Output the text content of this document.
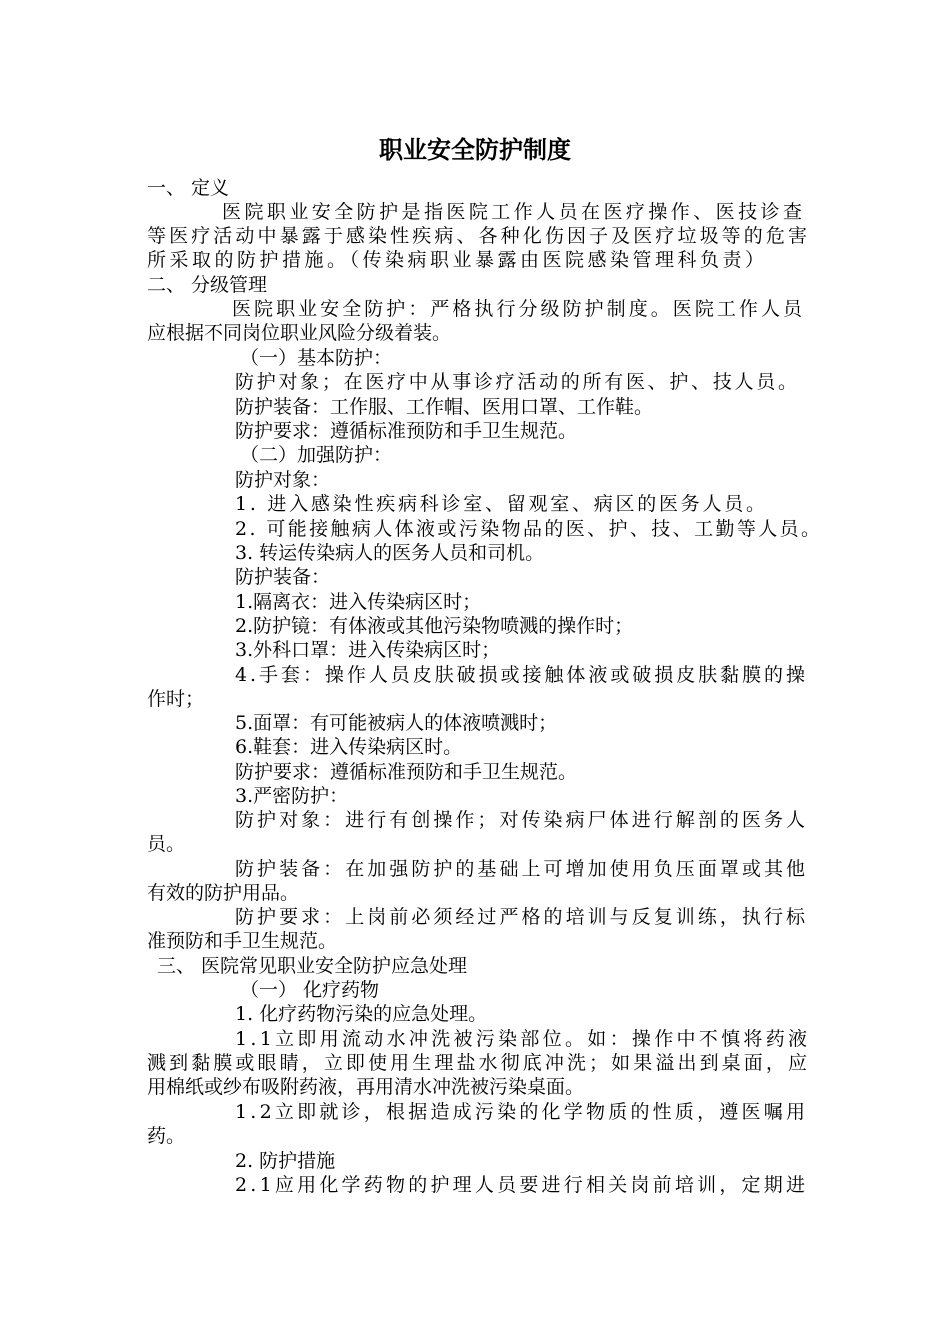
职业安全防护制度
一、 定义
医院职业安全防护是指医院工作人员在医疗操作、医技诊查
等医疗活动中暴露于感染性疾病、各种化伤因子及医疗垃圾等的危害
所采取的防护措施。（传染病职业暴露由医院感染管理科负责）
二、 分级管理
医院职业安全防护：严格执行分级防护制度。医院工作人员
应根据不同岗位职业风险分级着装。
（一）基本防护：
防护对象；在医疗中从事诊疗活动的所有医、护、技人员。
防护装备：工作服、工作帽、医用口罩、工作鞋。
防护要求：遵循标准预防和手卫生规范。
（二）加强防护：
防护对象：
1. 进入感染性疾病科诊室、留观室、病区的医务人员。
2. 可能接触病人体液或污染物品的医、护、技、工勤等人员。
3. 转运传染病人的医务人员和司机。
防护装备：
1.隔离衣：进入传染病区时；
2.防护镜：有体液或其他污染物喷溅的操作时；
3.外科口罩：进入传染病区时；
4.手套：操作人员皮肤破损或接触体液或破损皮肤黏膜的操
作时；
5.面罩：有可能被病人的体液喷溅时；
6.鞋套：进入传染病区时。
防护要求：遵循标准预防和手卫生规范。
3.严密防护：
防护对象：进行有创操作；对传染病尸体进行解剖的医务人
员。
防护装备：在加强防护的基础上可增加使用负压面罩或其他
有效的防护用品。
防护要求：上岗前必须经过严格的培训与反复训练，执行标
准预防和手卫生规范。
三、 医院常见职业安全防护应急处理
（一） 化疗药物
1. 化疗药物污染的应急处理。
1.1立即用流动水冲洗被污染部位。如：操作中不慎将药液
溅到黏膜或眼睛，立即使用生理盐水彻底冲洗；如果溢出到桌面，应
用棉纸或纱布吸附药液，再用清水冲洗被污染桌面。
1.2立即就诊，根据造成污染的化学物质的性质，遵医嘱用
药。
2. 防护措施
2.1应用化学药物的护理人员要进行相关岗前培训，定期进
